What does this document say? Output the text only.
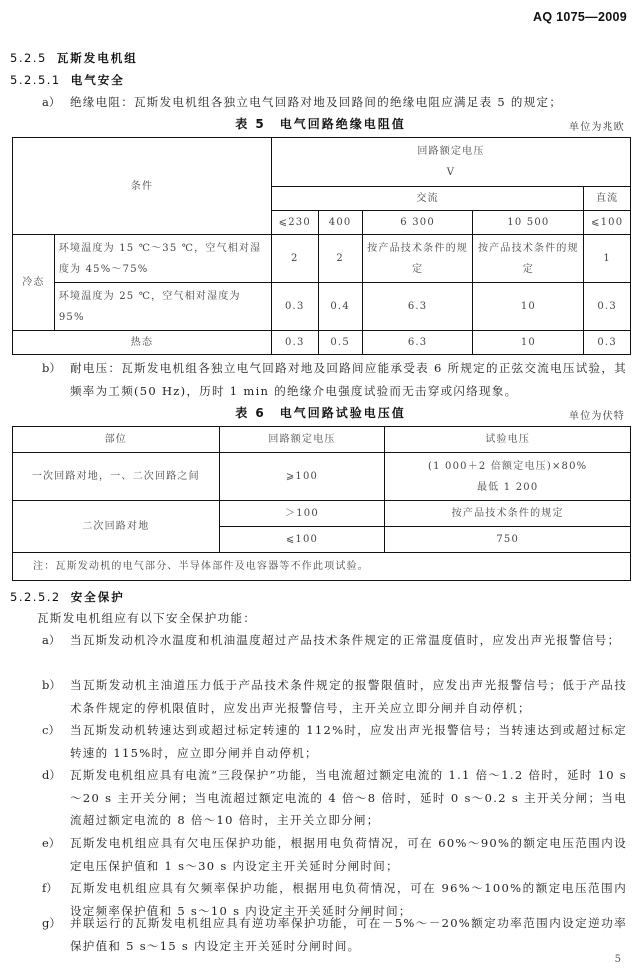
AQ 1075—2009
5.2.5 瓦斯发电机组
5.2.5.1 电气安全
a） 绝缘电阻：瓦斯发电机组各独立电气回路对地及回路间的绝缘电阻应满足表 5 的规定；
表 5　电气回路绝缘电阻值	单位为兆欧
条件		回路额定电压
V				

		交流				直流
		⩽230	400	6 300	10 500	⩽100
冷态	环境温度为 15 ℃～35 ℃，空气相对湿度为 45%～75%	2	2	按产品技术条件的规定	按产品技术条件的规定	1
	环境温度为 25 ℃，空气相对湿度为 95%	0.3	0.4	6.3	10	0.3
热态		0.3	0.5	6.3	10	0.3
b） 耐电压：瓦斯发电机组各独立电气回路对地及回路间应能承受表 6 所规定的正弦交流电压试验，其频率为工频(50 Hz)，历时 1 min 的绝缘介电强度试验而无击穿或闪络现象。
表 6　电气回路试验电压值	单位为伏特
部位	回路额定电压	试验电压
一次回路对地，一、二次回路之间	⩾100	(1 000＋2 倍额定电压)×80%
最低 1 200

二次回路对地	＞100	按产品技术条件的规定
	⩽100	750
注：瓦斯发动机的电气部分、半导体部件及电容器等不作此项试验。		
5.2.5.2 安全保护
瓦斯发电机组应有以下安全保护功能：
a） 当瓦斯发动机冷水温度和机油温度超过产品技术条件规定的正常温度值时，应发出声光报警信号；
b） 当瓦斯发动机主油道压力低于产品技术条件规定的报警限值时，应发出声光报警信号；低于产品技术条件规定的停机限值时，应发出声光报警信号，主开关应立即分闸并自动停机；
c） 当瓦斯发动机转速达到或超过标定转速的 112%时，应发出声光报警信号；当转速达到或超过标定转速的 115%时，应立即分闸并自动停机；
d） 瓦斯发电机组应具有电流“三段保护”功能，当电流超过额定电流的 1.1 倍～1.2 倍时，延时 10 s～20 s 主开关分闸；当电流超过额定电流的 4 倍～8 倍时，延时 0 s～0.2 s 主开关分闸；当电流超过额定电流的 8 倍～10 倍时，主开关立即分闸；
e） 瓦斯发电机组应具有欠电压保护功能，根据用电负荷情况，可在 60%～90%的额定电压范围内设定电压保护值和 1 s～30 s 内设定主开关延时分闸时间；
f） 瓦斯发电机组应具有欠频率保护功能，根据用电负荷情况，可在 96%～100%的额定电压范围内设定频率保护值和 5 s～10 s 内设定主开关延时分闸时间；
g） 并联运行的瓦斯发电机组应具有逆功率保护功能，可在－5%～－20%额定功率范围内设定逆功率保护值和 5 s～15 s 内设定主开关延时分闸时间。
5
